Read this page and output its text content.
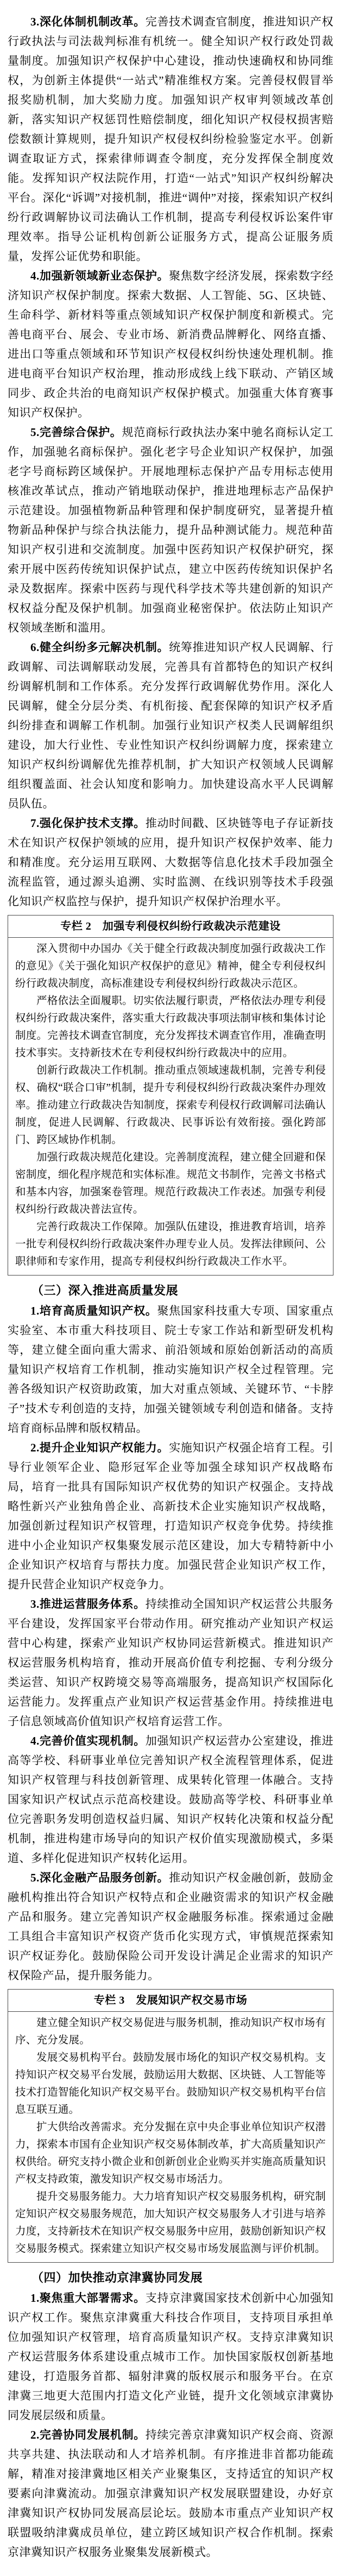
3.深化体制机制改革。完善技术调查官制度，推进知识产权行政执法与司法裁判标准有机统一。健全知识产权行政处罚裁量制度。加强知识产权保护中心建设，推动快速确权和协同维权，为创新主体提供“一站式”精准维权方案。完善侵权假冒举报奖励机制，加大奖励力度。加强知识产权审判领域改革创新，落实知识产权惩罚性赔偿制度，细化知识产权侵权损害赔偿数额计算规则，提升知识产权侵权纠纷检验鉴定水平。创新调查取证方式，探索律师调查令制度，充分发挥保全制度效能。发挥知识产权法院作用，打造“一站式”知识产权纠纷解决平台。深化“诉调”对接机制，推进“调仲”对接，探索知识产权纠纷行政调解协议司法确认工作机制，提高专利侵权诉讼案件审理效率。指导公证机构创新公证服务方式，提高公证服务质量，发挥公证优势和职能。

4.加强新领域新业态保护。聚焦数字经济发展，探索数字经济知识产权保护制度。探索大数据、人工智能、5G、区块链、生命科学、新材料等重点领域知识产权保护制度和新模式。完善电商平台、展会、专业市场、新消费品牌孵化、网络直播、进出口等重点领域和环节知识产权侵权纠纷快速处理机制。推进电商平台知识产权治理，推动形成线上线下联动、产销区域同步、政企共治的电商知识产权保护模式。加强重大体育赛事知识产权保护。

5.完善综合保护。规范商标行政执法办案中驰名商标认定工作，加强驰名商标保护。强化老字号企业知识产权保护，加强老字号商标跨区域保护。开展地理标志保护产品专用标志使用核准改革试点，推动产销地联动保护，推进地理标志产品保护示范建设。加强植物新品种管理和保护制度研究，显著提升植物新品种保护与综合执法能力，提升品种测试能力。规范种苗知识产权引进和交流制度。加强中医药知识产权保护研究，探索开展中医药传统知识保护试点，建立中医药传统知识保护名录及数据库。探索中医药与现代科学技术等共建创新的知识产权权益分配及保护机制。加强商业秘密保护。依法防止知识产权领域垄断和滥用。

6.健全纠纷多元解决机制。统筹推进知识产权人民调解、行政调解、司法调解联动发展，完善具有首都特色的知识产权纠纷调解机制和工作体系。充分发挥行政调解优势作用。深化人民调解，健全分层分类、有机衔接、配套保障的知识产权矛盾纠纷排查和调解工作机制。加强行业知识产权类人民调解组织建设，加大行业性、专业性知识产权纠纷调解力度，探索建立知识产权纠纷调解优先推荐机制，扩大知识产权领域人民调解组织覆盖面、社会认知度和影响力。加快建设高水平人民调解员队伍。

7.强化保护技术支撑。推动时间戳、区块链等电子存证新技术在知识产权保护领域的应用，提升知识产权保护效率、能力和精准度。充分运用互联网、大数据等信息化技术手段加强全流程监管，通过源头追溯、实时监测、在线识别等技术手段强化知识产权监控与保护，提升知识产权保护治理水平。

专栏 2　加强专利侵权纠纷行政裁决示范建设

深入贯彻中办国办《关于健全行政裁决制度加强行政裁决工作的意见》《关于强化知识产权保护的意见》精神，健全专利侵权纠纷行政裁决制度，高标准建设专利侵权纠纷行政裁决示范区。

严格依法全面履职。切实依法履行职责，严格依法办理专利侵权纠纷行政裁决案件，落实重大行政裁决事项法制审核和集体讨论制度。完善技术调查官制度，充分发挥技术调查官作用，准确查明技术事实。支持新技术在专利侵权纠纷行政裁决中的应用。

创新行政裁决工作机制。推动重点领域速裁机制，完善专利侵权、确权“联合口审”机制，提升专利侵权纠纷行政裁决案件办理效率。推动建立行政裁决告知制度，探索专利侵权行政调解司法确认制度，促进人民调解、行政裁决、民事诉讼有效衔接。强化跨部门、跨区域协作机制。

加强行政裁决规范化建设。完善制度流程，建立健全回避和保密制度，细化程序规范和实体标准。规范文书制作，完善文书格式和基本内容，加强案卷管理。规范行政裁决工作表述。加强专利侵权纠纷行政裁决普法宣传。

完善行政裁决工作保障。加强队伍建设，推进教育培训，培养一批专利侵权纠纷行政裁决案件办理专业人员。发挥法律顾问、公职律师和专家作用，提高专利侵权纠纷行政裁决工作水平。

（三）深入推进高质量发展

1.培育高质量知识产权。聚焦国家科技重大专项、国家重点实验室、本市重大科技项目、院士专家工作站和新型研发机构等，建立健全面向重大需求、前沿领域和原始创新活动的高质量知识产权培育工作机制，推动实施知识产权全过程管理。完善各级知识产权资助政策，加大对重点领域、关键环节、“卡脖子”技术专利创造的支持，加强关键领域专利创造和储备。支持培育商标品牌和版权精品。

2.提升企业知识产权能力。实施知识产权强企培育工程。引导行业领军企业、隐形冠军企业等加强全球知识产权战略布局，培育一批具有国际知识产权优势的知识产权强企。支持战略性新兴产业独角兽企业、高新技术企业实施知识产权战略，加强创新过程知识产权管理，打造知识产权竞争优势。持续推进中小企业知识产权集聚发展示范区建设，加大专精特新中小企业知识产权培育与帮扶力度。加强民营企业知识产权工作，提升民营企业知识产权竞争力。

3.推进运营服务体系。持续推动全国知识产权运营公共服务平台建设，发挥国家平台带动作用。研究推动产业知识产权运营中心构建，探索产业知识产权协同运营新模式。推进知识产权运营服务机构培育，推动开展高价值专利挖掘、专利分级分类运营、知识产权跨境交易等高端服务，提高知识产权国际化运营能力。发挥重点产业知识产权运营基金作用。持续推进电子信息领域高价值知识产权培育运营工作。

4.完善价值实现机制。加强知识产权运营办公室建设，推进高等学校、科研事业单位完善知识产权全流程管理体系，促进知识产权管理与科技创新管理、成果转化管理一体融合。支持国家知识产权试点示范高校建设。鼓励高等学校、科研事业单位完善职务发明创造权益归属、知识产权转化决策和权益分配机制，推进构建市场导向的知识产权价值实现激励模式，多渠道、多样化促进知识产权转化运用。

5.深化金融产品服务创新。推动知识产权金融创新，鼓励金融机构推出符合知识产权特点和企业融资需求的知识产权金融产品和服务。建立完善知识产权金融服务标准。探索通过金融工具组合丰富知识产权资产货币化实现方式，审慎规范探索知识产权证券化。鼓励保险公司开发设计满足企业需求的知识产权保险产品，提升服务能力。

专栏 3　发展知识产权交易市场

建立健全知识产权交易促进与服务机制，推动知识产权市场有序、充分发展。

发展交易机构平台。鼓励发展市场化的知识产权交易机构。支持知识产权交易平台发展，鼓励运用大数据、区块链、人工智能等技术打造智能化知识产权交易平台。鼓励知识产权交易机构平台信息互联互通。

扩大供给改善需求。充分发掘在京中央企事业单位知识产权潜力，探索本市国有企业知识产权交易体制改革，扩大高质量知识产权供给。研究支持小微企业和创新创业企业购买并实施高质量知识产权支持政策，激发知识产权交易市场活力。

提升交易服务能力。大力培育知识产权交易服务机构，研究制定知识产权交易服务规范，加大知识产权交易服务人才引进与培养力度，支持新技术在知识产权交易服务中应用，鼓励创新知识产权交易服务模式。探索建立知识产权交易市场发展监测与评价机制。

（四）加快推动京津冀协同发展

1.聚焦重大部署需求。支持京津冀国家技术创新中心加强知识产权工作。聚焦京津冀重大科技合作项目，支持项目承担单位加强知识产权管理，培育高质量知识产权。支持京津冀知识产权运营服务体系建设重点城市工作。加快国家版权创新基地建设，打造服务首都、辐射津冀的版权展示和服务平台。在京津冀三地更大范围内打造文化产业链，提升文化领域京津冀协同发展层级和质量。

2.完善协同发展机制。持续完善京津冀知识产权会商、资源共享共建、执法联动和人才培养机制。有序推进非首都功能疏解，精准对接津冀地区相关产业聚集区，支持适宜的知识产权要素向津冀流动。加强京津冀知识产权发展联盟建设，办好京津冀知识产权协同发展高层论坛。鼓励本市重点产业知识产权联盟吸纳津冀成员单位，建立跨区域知识产权合作机制。探索京津冀知识产权服务业聚集发展新模式。
